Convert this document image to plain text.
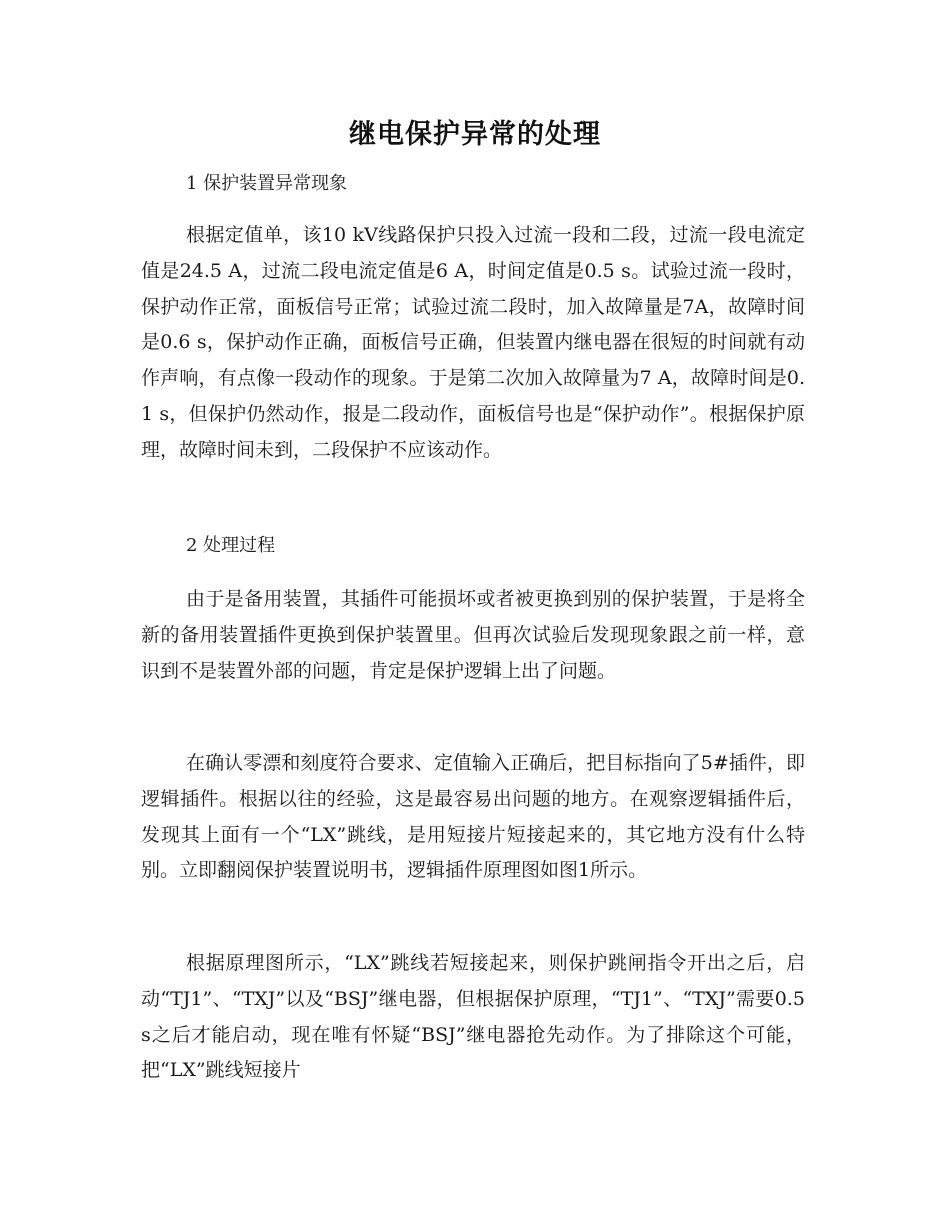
继电保护异常的处理
1 保护装置异常现象

根据定值单，该10 kV线路保护只投入过流一段和二段，过流一段电流定值是24.5 A，过流二段电流定值是6 A，时间定值是0.5 s。试验过流一段时，保护动作正常，面板信号正常；试验过流二段时，加入故障量是7A，故障时间是0.6 s，保护动作正确，面板信号正确，但装置内继电器在很短的时间就有动作声响，有点像一段动作的现象。于是第二次加入故障量为7 A，故障时间是0.1 s，但保护仍然动作，报是二段动作，面板信号也是“保护动作”。根据保护原理，故障时间未到，二段保护不应该动作。

2 处理过程

由于是备用装置，其插件可能损坏或者被更换到别的保护装置，于是将全新的备用装置插件更换到保护装置里。但再次试验后发现现象跟之前一样，意识到不是装置外部的问题，肯定是保护逻辑上出了问题。

在确认零漂和刻度符合要求、定值输入正确后，把目标指向了5#插件，即逻辑插件。根据以往的经验，这是最容易出问题的地方。在观察逻辑插件后，发现其上面有一个“LX”跳线，是用短接片短接起来的，其它地方没有什么特别。立即翻阅保护装置说明书，逻辑插件原理图如图1所示。

根据原理图所示，“LX”跳线若短接起来，则保护跳闸指令开出之后，启动“TJ1”、“TXJ”以及“BSJ”继电器，但根据保护原理，“TJ1”、“TXJ”需要0.5 s之后才能启动，现在唯有怀疑“BSJ”继电器抢先动作。为了排除这个可能，把“LX”跳线短接片
